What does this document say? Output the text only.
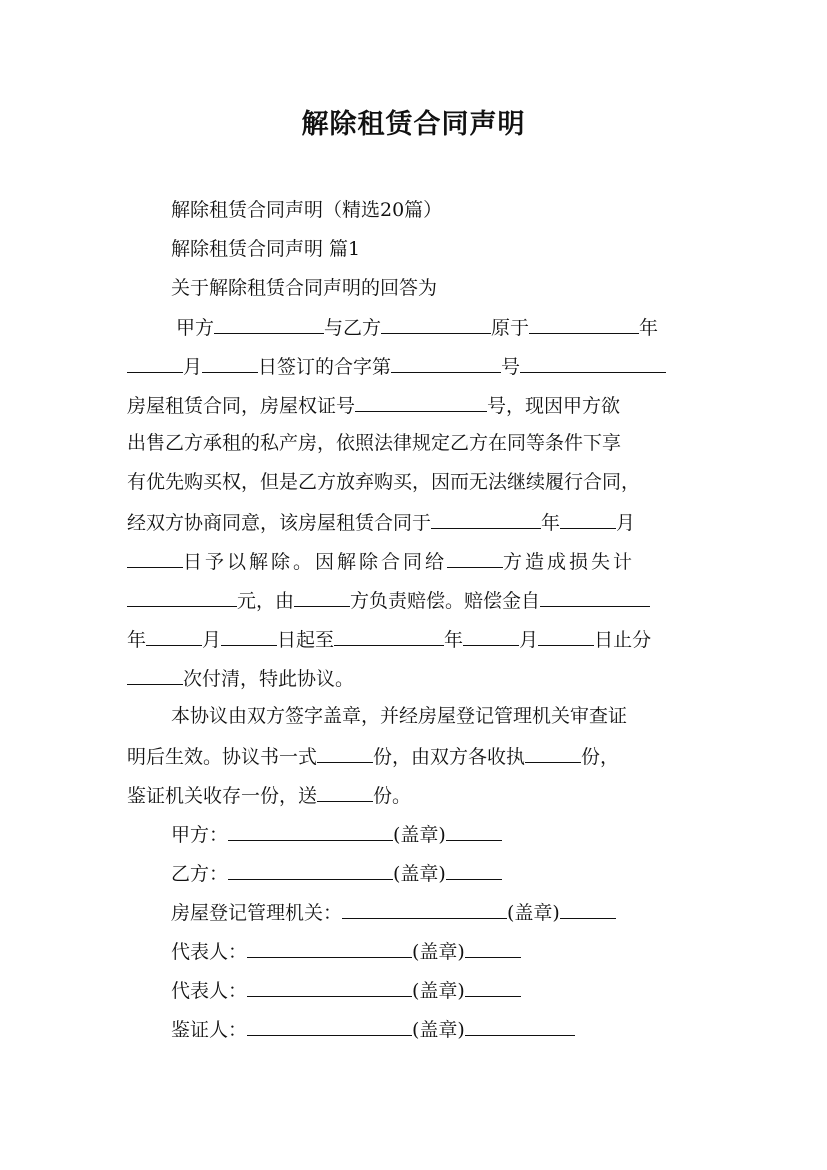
解除租赁合同声明
解除租赁合同声明（精选20篇）
解除租赁合同声明 篇1
关于解除租赁合同声明的回答为
甲方	与乙方	原于	年
月	日签订的合字第	号
房屋租赁合同，房屋权证号	号，现因甲方欲
出售乙方承租的私产房，依照法律规定乙方在同等条件下享
有优先购买权，但是乙方放弃购买，因而无法继续履行合同，
经双方协商同意，该房屋租赁合同于	年	月
日予以解除。因解除合同给	方造成损失计
元，由	方负责赔偿。赔偿金自
年	月	日起至	年	月	日止分
次付清，特此协议。
本协议由双方签字盖章，并经房屋登记管理机关审查证
明后生效。协议书一式	份，由双方各收执	份，
鉴证机关收存一份，送	份。
甲方：	(盖章)
乙方：	(盖章)
房屋登记管理机关：	(盖章)
代表人：	(盖章)
代表人：	(盖章)
鉴证人：	(盖章)
